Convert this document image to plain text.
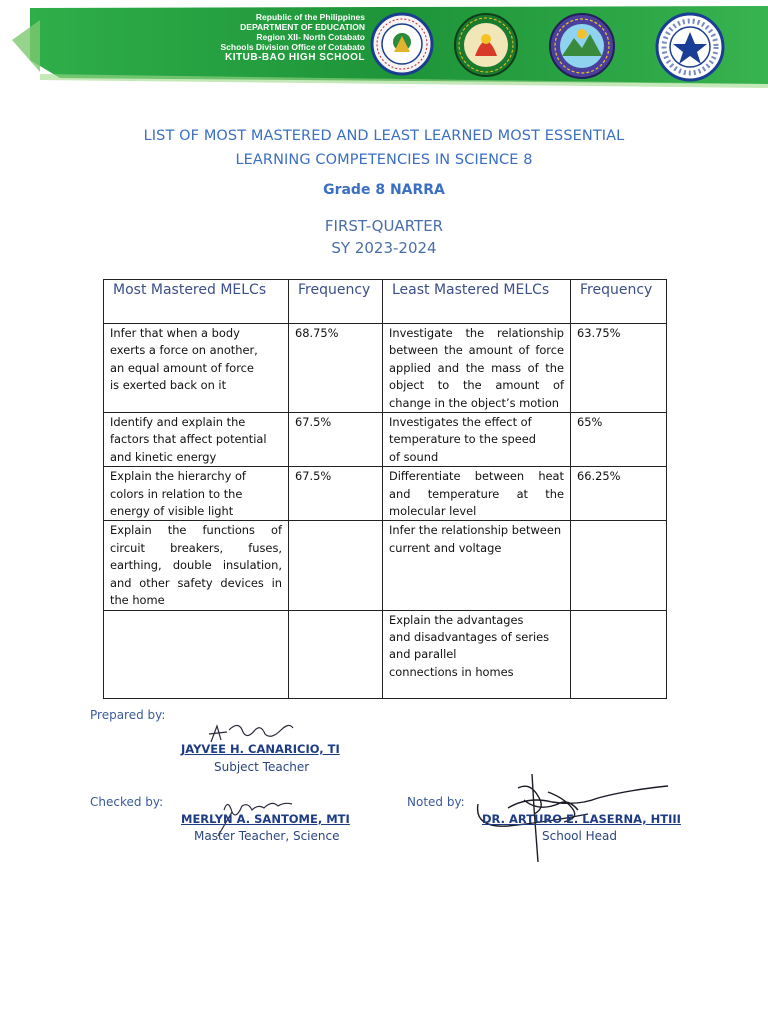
Republic of the Philippines
DEPARTMENT OF EDUCATION
Region XII- North Cotabato
Schools Division Office of Cotabato
KITUB-BAO HIGH SCHOOL
LIST OF MOST MASTERED AND LEAST LEARNED MOST ESSENTIAL
LEARNING COMPETENCIES IN SCIENCE 8
Grade 8 NARRA
FIRST-QUARTER
SY 2023-2024
Most Mastered MELCs	Frequency	Least Mastered MELCs	Frequency
Infer that when a body
exerts a force on another,
an equal amount of force
is exerted back on it	68.75%	Investigate the relationship between the amount of force applied and the mass of the object to the amount of change in the object’s motion	63.75%
Identify and explain the
factors that affect potential
and kinetic energy	67.5%	Investigates the effect of
temperature to the speed
of sound	65%
Explain the hierarchy of
colors in relation to the
energy of visible light	67.5%	Differentiate between heat and temperature at the molecular level	66.25%
Explain the functions of circuit breakers, fuses, earthing, double insulation, and other safety devices in the home		Infer the relationship between
current and voltage	
		Explain the advantages
and disadvantages of series
and parallel
connections in homes	
Prepared by:
JAYVEE H. CANARICIO, TI
Subject Teacher
Checked by:
MERLYN A. SANTOME, MTI
Master Teacher, Science
Noted by:
DR. ARTURO E. LASERNA, HTIII
School Head
